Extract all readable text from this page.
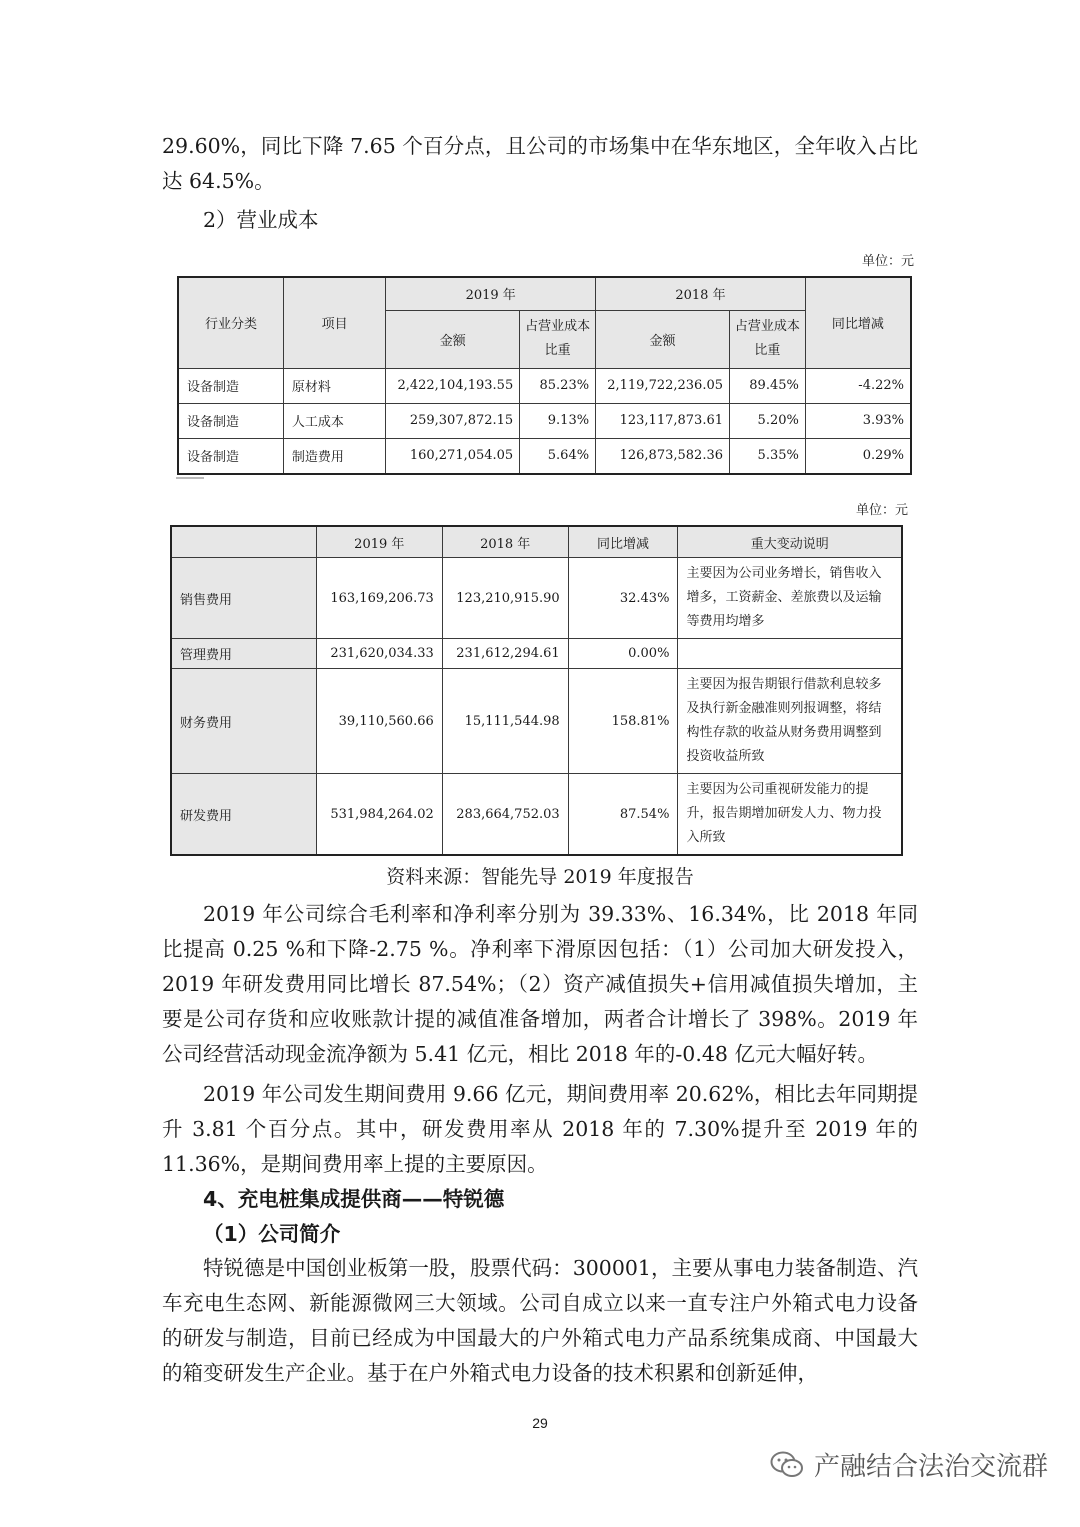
29.60%，同比下降 7.65 个百分点，且公司的市场集中在华东地区，全年收入占比达 64.5%。

2）营业成本
单位：元
行业分类	项目	2019 年		2018 年		同比增减
		金额	占营业成本比重	金额	占营业成本比重	
设备制造	原材料	2,422,104,193.55	85.23%	2,119,722,236.05	89.45%	-4.22%
设备制造	人工成本	259,307,872.15	9.13%	123,117,873.61	5.20%	3.93%
设备制造	制造费用	160,271,054.05	5.64%	126,873,582.36	5.35%	0.29%
单位：元
	2019 年	2018 年	同比增减	重大变动说明
销售费用	163,169,206.73	123,210,915.90	32.43%	主要因为公司业务增长，销售收入增多，工资薪金、差旅费以及运输等费用均增多
管理费用	231,620,034.33	231,612,294.61	0.00%	
财务费用	39,110,560.66	15,111,544.98	158.81%	主要因为报告期银行借款利息较多及执行新金融准则列报调整，将结构性存款的收益从财务费用调整到投资收益所致
研发费用	531,984,264.02	283,664,752.03	87.54%	主要因为公司重视研发能力的提升，报告期增加研发人力、物力投入所致
资料来源：智能先导 2019 年度报告

2019 年公司综合毛利率和净利率分别为 39.33%、16.34%，比 2018 年同比提高 0.25 %和下降-2.75 %。净利率下滑原因包括：（1）公司加大研发投入，2019 年研发费用同比增长 87.54%；（2）资产减值损失+信用减值损失增加，主要是公司存货和应收账款计提的减值准备增加，两者合计增长了 398%。2019 年公司经营活动现金流净额为 5.41 亿元，相比 2018 年的-0.48 亿元大幅好转。

2019 年公司发生期间费用 9.66 亿元，期间费用率 20.62%，相比去年同期提升 3.81 个百分点。其中，研发费用率从 2018 年的 7.30%提升至 2019 年的 11.36%，是期间费用率上提的主要原因。

4、充电桩集成提供商——特锐德
（1）公司简介

特锐德是中国创业板第一股，股票代码：300001，主要从事电力装备制造、汽车充电生态网、新能源微网三大领域。公司自成立以来一直专注户外箱式电力设备的研发与制造，目前已经成为中国最大的户外箱式电力产品系统集成商、中国最大的箱变研发生产企业。基于在户外箱式电力设备的技术积累和创新延伸，

29
产融结合法治交流群
